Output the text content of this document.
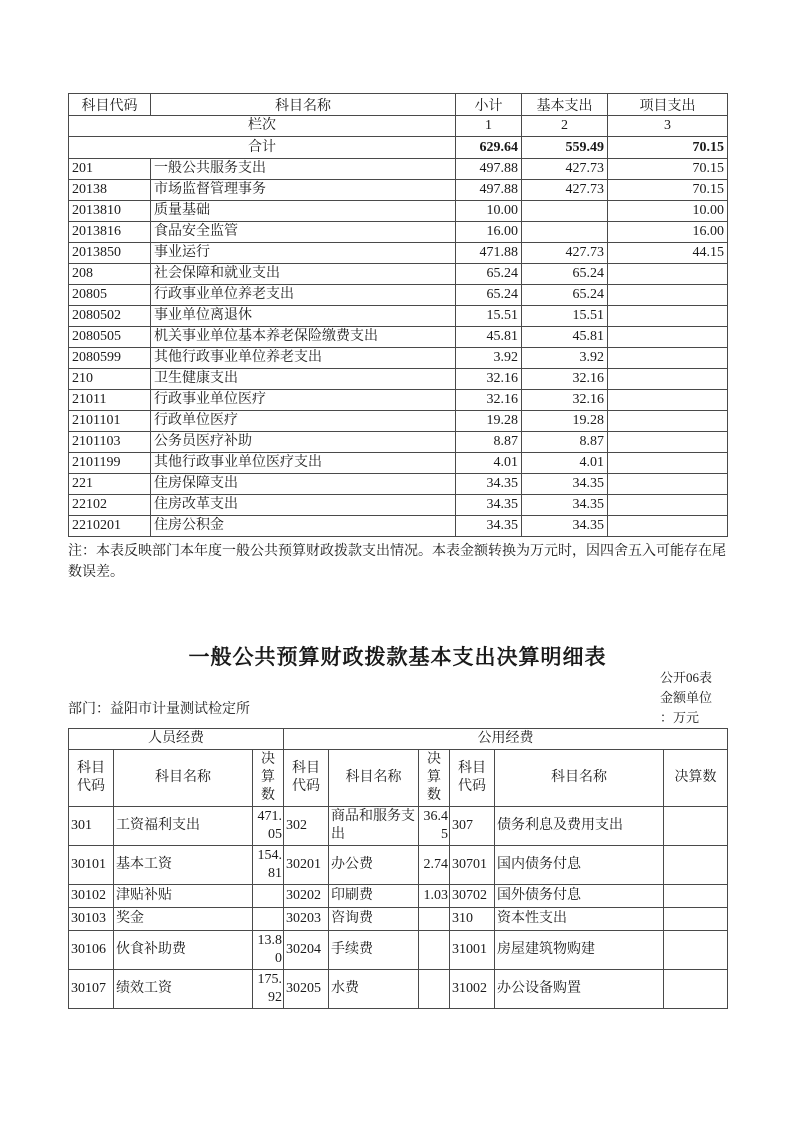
科目代码	科目名称	小计	基本支出	项目支出
栏次		1	2	3
合计		629.64	559.49	70.15
201	一般公共服务支出	497.88	427.73	70.15
20138	市场监督管理事务	497.88	427.73	70.15
2013810	质量基础	10.00		10.00
2013816	食品安全监管	16.00		16.00
2013850	事业运行	471.88	427.73	44.15
208	社会保障和就业支出	65.24	65.24	
20805	行政事业单位养老支出	65.24	65.24	
2080502	事业单位离退休	15.51	15.51	
2080505	机关事业单位基本养老保险缴费支出	45.81	45.81	
2080599	其他行政事业单位养老支出	3.92	3.92	
210	卫生健康支出	32.16	32.16	
21011	行政事业单位医疗	32.16	32.16	
2101101	行政单位医疗	19.28	19.28	
2101103	公务员医疗补助	8.87	8.87	
2101199	其他行政事业单位医疗支出	4.01	4.01	
221	住房保障支出	34.35	34.35	
22102	住房改革支出	34.35	34.35	
2210201	住房公积金	34.35	34.35	
注：本表反映部门本年度一般公共预算财政拨款支出情况。本表金额转换为万元时，因四舍五入可能存在尾数误差。
一般公共预算财政拨款基本支出决算明细表
公开06表
金额单位
：万元
部门：益阳市计量测试检定所
人员经费			公用经费					
科目代码	科目名称	决算数	科目代码	科目名称	决算数	科目代码	科目名称	决算数
301	工资福利支出	471.05	302	商品和服务支出	36.45	307	债务利息及费用支出	
30101	基本工资	154.81	30201	办公费	2.74	30701	国内债务付息	
30102	津贴补贴		30202	印刷费	1.03	30702	国外债务付息	
30103	奖金		30203	咨询费		310	资本性支出	
30106	伙食补助费	13.80	30204	手续费		31001	房屋建筑物购建	
30107	绩效工资	175.92	30205	水费		31002	办公设备购置	
